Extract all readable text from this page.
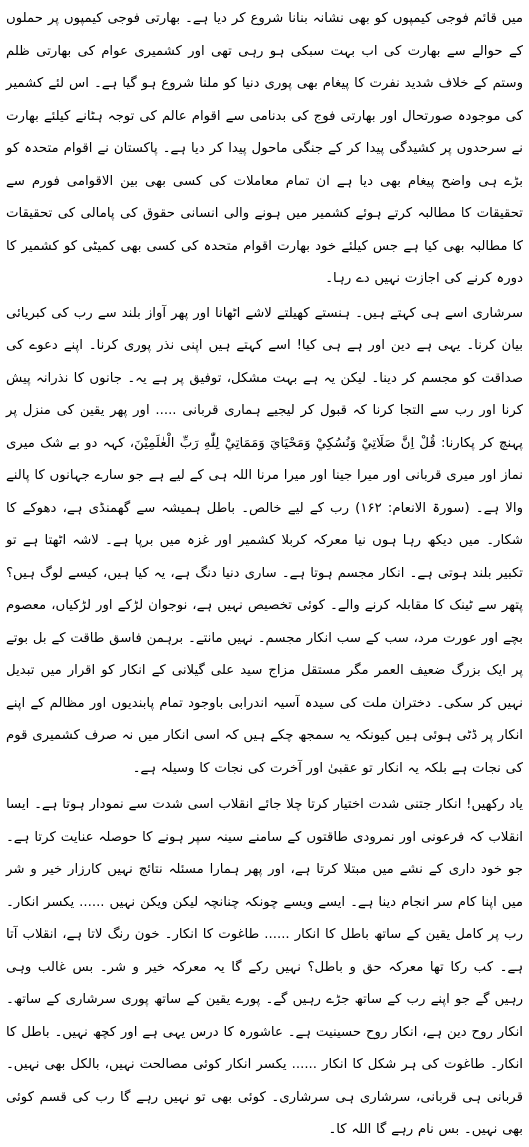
میں قائم فوجی کیمپوں کو بھی نشانہ بنانا شروع کر دیا ہے۔ بھارتی فوجی کیمپوں پر حملوں کے حوالے سے بھارت کی اب بہت سبکی ہو رہی تھی اور کشمیری عوام کی بھارتی ظلم وستم کے خلاف شدید نفرت کا پیغام بھی پوری دنیا کو ملنا شروع ہو گیا ہے۔ اس لئے کشمیر کی موجودہ صورتحال اور بھارتی فوج کی بدنامی سے اقوام عالم کی توجہ ہٹانے کیلئے بھارت نے سرحدوں پر کشیدگی پیدا کر کے جنگی ماحول پیدا کر دیا ہے۔ پاکستان نے اقوام متحدہ کو بڑے ہی واضح پیغام بھی دیا ہے ان تمام معاملات کی کسی بھی بین الاقوامی فورم سے تحقیقات کا مطالبہ کرتے ہوئے کشمیر میں ہونے والی انسانی حقوق کی پامالی کی تحقیقات کا مطالبہ بھی کیا ہے جس کیلئے خود بھارت اقوام متحدہ کی کسی بھی کمیٹی کو کشمیر کا دورہ کرنے کی اجازت نہیں دے رہا۔

سرشاری اسے ہی کہتے ہیں۔ ہنستے کھیلتے لاشے اٹھانا اور پھر آواز بلند سے رب کی کبریائی بیان کرنا۔ یہی ہے دین اور ہے ہی کیا! اسے کہتے ہیں اپنی نذر پوری کرنا۔ اپنے دعوے کی صداقت کو مجسم کر دینا۔ لیکن یہ ہے بہت مشکل، توفیق پر ہے یہ۔ جانوں کا نذرانہ پیش کرنا اور رب سے التجا کرنا کہ قبول کر لیجیے ہماری قربانی ..... اور پھر یقین کی منزل پر پہنچ کر پکارنا: قُلْ اِنَّ صَلَاتِيْ وَنُسُكِيْ وَمَحْيَايَ وَمَمَاتِيْ لِلّٰهِ رَبِّ الْعٰلَمِيْنَ، کہہ دو بے شک میری نماز اور میری قربانی اور میرا جینا اور میرا مرنا اللہ ہی کے لیے ہے جو سارے جہانوں کا پالنے والا ہے۔ (سورۃ الانعام: ۱۶۲) رب کے لیے خالص۔ باطل ہمیشہ سے گھمنڈی ہے، دھوکے کا شکار۔ میں دیکھ رہا ہوں نیا معرکہ کربلا کشمیر اور غزہ میں برپا ہے۔ لاشہ اٹھتا ہے تو تکبیر بلند ہوتی ہے۔ انکار مجسم ہوتا ہے۔ ساری دنیا دنگ ہے، یہ کیا ہیں، کیسے لوگ ہیں؟ پتھر سے ٹینک کا مقابلہ کرنے والے۔ کوئی تخصیص نہیں ہے، نوجوان لڑکے اور لڑکیاں، معصوم بچے اور عورت مرد، سب کے سب انکار مجسم۔ نہیں مانتے۔ برہمن فاسق طاقت کے بل بوتے پر ایک بزرگ ضعیف العمر مگر مستقل مزاج سید علی گیلانی کے انکار کو اقرار میں تبدیل نہیں کر سکی۔ دختران ملت کی سیدہ آسیہ اندرابی باوجود تمام پابندیوں اور مظالم کے اپنے انکار پر ڈٹی ہوئی ہیں کیونکہ یہ سمجھ چکے ہیں کہ اسی انکار میں نہ صرف کشمیری قوم کی نجات ہے بلکہ یہ انکار تو عقبیٰ اور آخرت کی نجات کا وسیلہ ہے۔

یاد رکھیں! انکار جتنی شدت اختیار کرتا چلا جائے انقلاب اسی شدت سے نمودار ہوتا ہے۔ ایسا انقلاب کہ فرعونی اور نمرودی طاقتوں کے سامنے سینہ سپر ہونے کا حوصلہ عنایت کرتا ہے۔ جو خود داری کے نشے میں مبتلا کرتا ہے، اور پھر ہمارا مسئلہ نتائج نہیں کارزار خیر و شر میں اپنا کام سر انجام دینا ہے۔ ایسے ویسے چونکہ چنانچہ لیکن ویکن نہیں ...... یکسر انکار۔ رب پر کامل یقین کے ساتھ باطل کا انکار ...... طاغوت کا انکار۔ خون رنگ لاتا ہے، انقلاب آتا ہے۔ کب رکا تھا معرکہ حق و باطل؟ نہیں رکے گا یہ معرکہ خیر و شر۔ بس غالب وہی رہیں گے جو اپنے رب کے ساتھ جڑے رہیں گے۔ پورے یقین کے ساتھ پوری سرشاری کے ساتھ۔ انکار روح دین ہے، انکار روح حسینیت ہے۔ عاشورہ کا درس یہی ہے اور کچھ نہیں۔ باطل کا انکار۔ طاغوت کی ہر شکل کا انکار ...... یکسر انکار کوئی مصالحت نہیں، بالکل بھی نہیں۔ قربانی ہی قربانی، سرشاری ہی سرشاری۔ کوئی بھی تو نہیں رہے گا رب کی قسم کوئی بھی نہیں۔ بس نام رہے گا اللہ کا۔
